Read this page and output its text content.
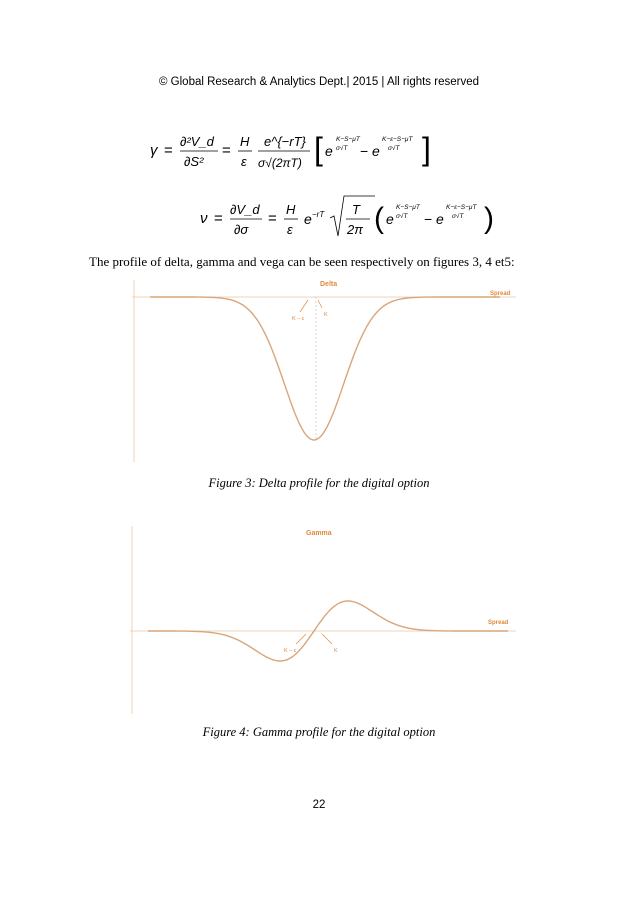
© Global Research & Analytics Dept.| 2015 | All rights reserved
γ =
∂²V_d
∂S²
=
H
ε
e^{−rT}
σ√(2πT) [ e
K−S−μT
σ√T − e
K−ε−S−μT
σ√T ]
ν =
∂V_d
∂σ
=
H
ε
e −rT T
2π ( e
K−S−μT
σ√T − e
K−ε−S−μT
σ√T )
The profile of delta, gamma and vega can be seen respectively on figures 3, 4 et5:
Delta
Spread
K – ε
K
Figure 3: Delta profile for the digital option
Gamma
Spread
K – ε	K
Figure 4: Gamma profile for the digital option
22
